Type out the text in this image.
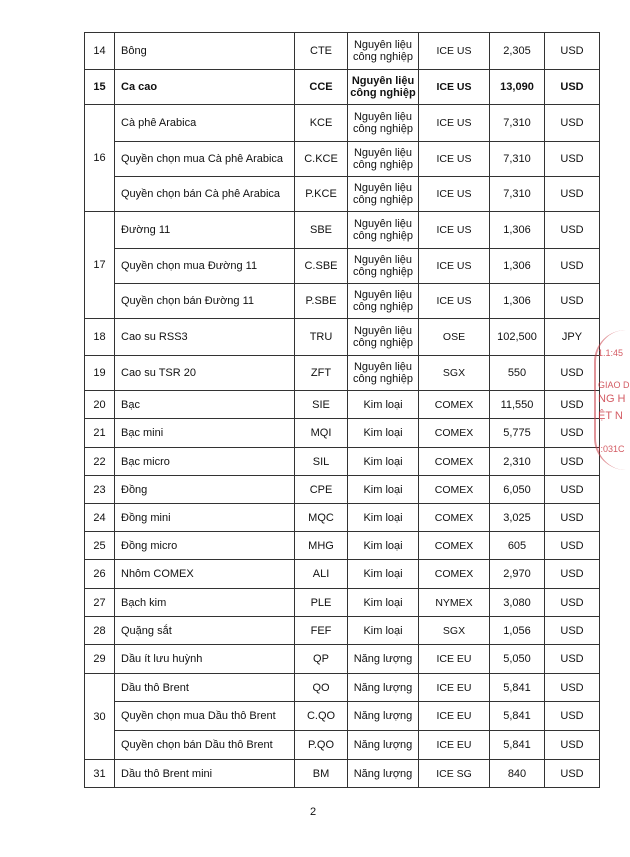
14	Bông	CTE	Nguyên liệu
công nghiệp	ICE US	2,305	USD
15	Ca cao	CCE	Nguyên liệu
công nghiệp	ICE US	13,090	USD
16	Cà phê Arabica	KCE	Nguyên liệu
công nghiệp	ICE US	7,310	USD
	Quyền chọn mua Cà phê Arabica	C.KCE	Nguyên liệu
công nghiệp	ICE US	7,310	USD
	Quyền chọn bán Cà phê Arabica	P.KCE	Nguyên liệu
công nghiệp	ICE US	7,310	USD
17	Đường 11	SBE	Nguyên liệu
công nghiệp	ICE US	1,306	USD
	Quyền chọn mua Đường 11	C.SBE	Nguyên liệu
công nghiệp	ICE US	1,306	USD
	Quyền chọn bán Đường 11	P.SBE	Nguyên liệu
công nghiệp	ICE US	1,306	USD
18	Cao su RSS3	TRU	Nguyên liệu
công nghiệp	OSE	102,500	JPY
19	Cao su TSR 20	ZFT	Nguyên liệu
công nghiệp	SGX	550	USD
20	Bạc	SIE	Kim loại	COMEX	11,550	USD
21	Bạc mini	MQI	Kim loại	COMEX	5,775	USD
22	Bạc micro	SIL	Kim loại	COMEX	2,310	USD
23	Đồng	CPE	Kim loại	COMEX	6,050	USD
24	Đồng mini	MQC	Kim loại	COMEX	3,025	USD
25	Đồng micro	MHG	Kim loại	COMEX	605	USD
26	Nhôm COMEX	ALI	Kim loại	COMEX	2,970	USD
27	Bạch kim	PLE	Kim loại	NYMEX	3,080	USD
28	Quặng sắt	FEF	Kim loại	SGX	1,056	USD
29	Dầu ít lưu huỳnh	QP	Năng lượng	ICE EU	5,050	USD
30	Dầu thô Brent	QO	Năng lượng	ICE EU	5,841	USD
	Quyền chọn mua Dầu thô Brent	C.QO	Năng lượng	ICE EU	5,841	USD
	Quyền chọn bán Dầu thô Brent	P.QO	Năng lượng	ICE EU	5,841	USD
31	Dầu thô Brent mini	BM	Năng lượng	ICE SG	840	USD
2
1.1:45
GIAO D
NG H
ỆT N
I:031C
